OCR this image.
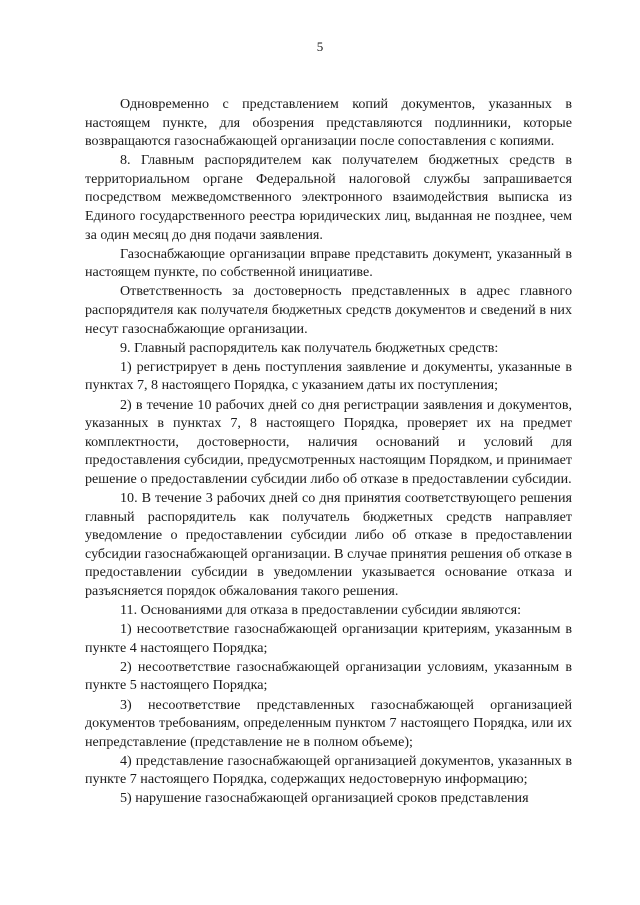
5

Одновременно с представлением копий документов, указанных в настоящем пункте, для обозрения представляются подлинники, которые возвращаются газоснабжающей организации после сопоставления с копиями.

8. Главным распорядителем как получателем бюджетных средств в территориальном органе Федеральной налоговой службы запрашивается посредством межведомственного электронного взаимодействия выписка из Единого государственного реестра юридических лиц, выданная не позднее, чем за один месяц до дня подачи заявления.

Газоснабжающие организации вправе представить документ, указанный в настоящем пункте, по собственной инициативе.

Ответственность за достоверность представленных в адрес главного распорядителя как получателя бюджетных средств документов и сведений в них несут газоснабжающие организации.

9. Главный распорядитель как получатель бюджетных средств:

1) регистрирует в день поступления заявление и документы, указанные в пунктах 7, 8 настоящего Порядка, с указанием даты их поступления;

2) в течение 10 рабочих дней со дня регистрации заявления и документов, указанных в пунктах 7, 8 настоящего Порядка, проверяет их на предмет комплектности, достоверности, наличия оснований и условий для предоставления субсидии, предусмотренных настоящим Порядком, и принимает решение о предоставлении субсидии либо об отказе в предоставлении субсидии.

10. В течение 3 рабочих дней со дня принятия соответствующего решения главный распорядитель как получатель бюджетных средств направляет уведомление о предоставлении субсидии либо об отказе в предоставлении субсидии газоснабжающей организации. В случае принятия решения об отказе в предоставлении субсидии в уведомлении указывается основание отказа и разъясняется порядок обжалования такого решения.

11. Основаниями для отказа в предоставлении субсидии являются:

1) несоответствие газоснабжающей организации критериям, указанным в пункте 4 настоящего Порядка;

2) несоответствие газоснабжающей организации условиям, указанным в пункте 5 настоящего Порядка;

3) несоответствие представленных газоснабжающей организацией документов требованиям, определенным пунктом 7 настоящего Порядка, или их непредставление (представление не в полном объеме);

4) представление газоснабжающей организацией документов, указанных в пункте 7 настоящего Порядка, содержащих недостоверную информацию;

5) нарушение газоснабжающей организацией сроков представления
